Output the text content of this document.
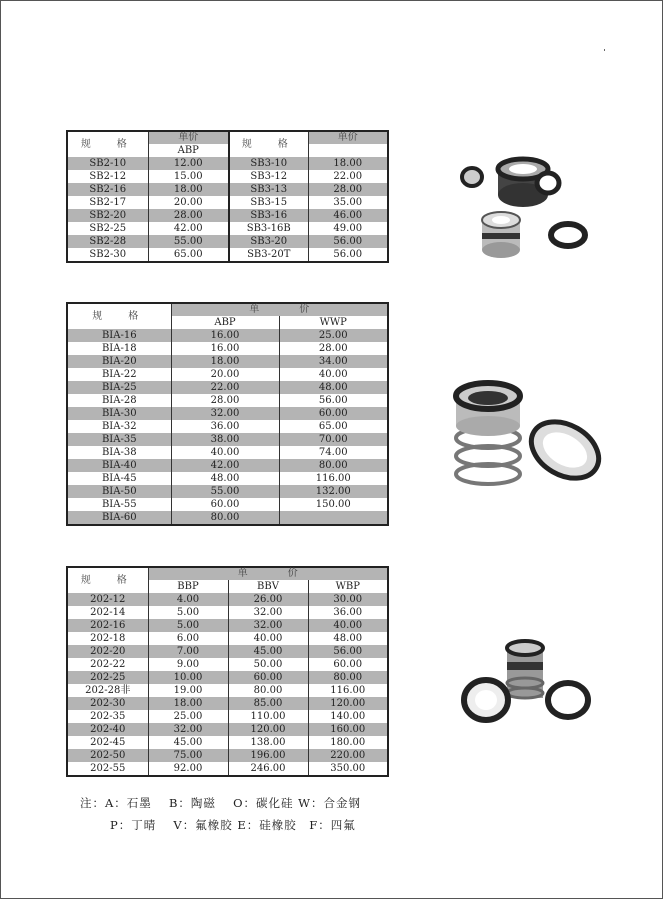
规　格	单价	规　格	单价
	ABP		
SB2-10	12.00	SB3-10	18.00
SB2-12	15.00	SB3-12	22.00
SB2-16	18.00	SB3-13	28.00
SB2-17	20.00	SB3-15	35.00
SB2-20	28.00	SB3-16	46.00
SB2-25	42.00	SB3-16B	49.00
SB2-28	55.00	SB3-20	56.00
SB2-30	65.00	SB3-20T	56.00
规　格	单　　　　价	
	ABP	WWP
BIA-16	16.00	25.00
BIA-18	16.00	28.00
BIA-20	18.00	34.00
BIA-22	20.00	40.00
BIA-25	22.00	48.00
BIA-28	28.00	56.00
BIA-30	32.00	60.00
BIA-32	36.00	65.00
BIA-35	38.00	70.00
BIA-38	40.00	74.00
BIA-40	42.00	80.00
BIA-45	48.00	116.00
BIA-50	55.00	132.00
BIA-55	60.00	150.00
BIA-60	80.00	
规　格	单　　　　价		
	BBP	BBV	WBP
202-12	4.00	26.00	30.00
202-14	5.00	32.00	36.00
202-16	5.00	32.00	40.00
202-18	6.00	40.00	48.00
202-20	7.00	45.00	56.00
202-22	9.00	50.00	60.00
202-25	10.00	60.00	80.00
202-28非	19.00	80.00	116.00
202-30	18.00	85.00	120.00
202-35	25.00	110.00	140.00
202-40	32.00	120.00	160.00
202-45	45.00	138.00	180.00
202-50	75.00	196.00	220.00
202-55	92.00	246.00	350.00
注：A：石墨　 B：陶磁　 O：碳化硅 W：合金钢
P：丁晴　 V：氟橡胶 E：硅橡胶　F：四氟
